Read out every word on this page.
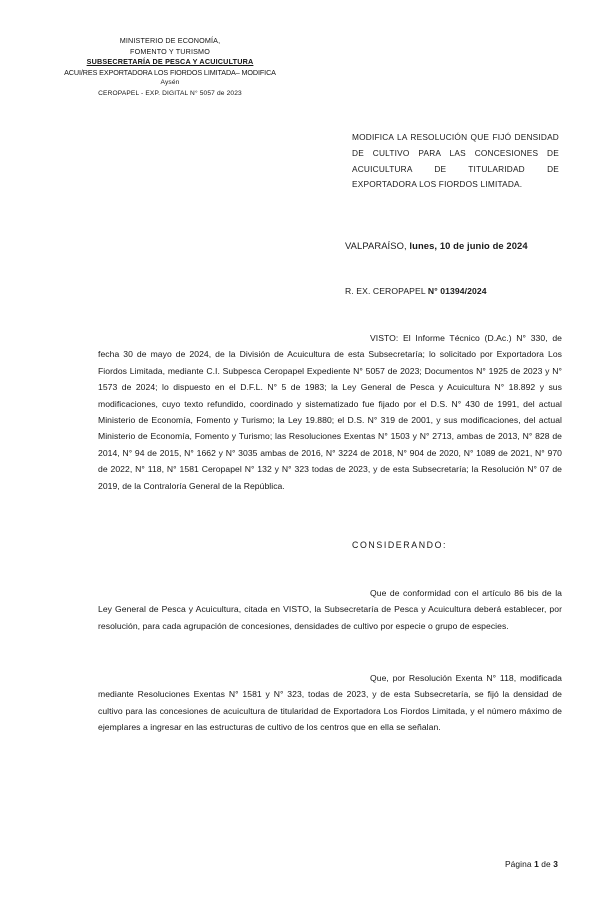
MINISTERIO DE ECONOMÍA,
FOMENTO Y TURISMO
SUBSECRETARÍA DE PESCA Y ACUICULTURA
ACUI/RES EXPORTADORA LOS FIORDOS LIMITADA– MODIFICA
Aysén
CEROPAPEL - EXP. DIGITAL N° 5057 de 2023
MODIFICA LA RESOLUCIÓN QUE FIJÓ DENSIDAD DE CULTIVO PARA LAS CONCESIONES DE ACUICULTURA DE TITULARIDAD DE EXPORTADORA LOS FIORDOS LIMITADA.
VALPARAÍSO, lunes, 10 de junio de 2024
R. EX. CEROPAPEL N° 01394/2024
VISTO: El Informe Técnico (D.Ac.) N° 330, de fecha 30 de mayo de 2024, de la División de Acuicultura de esta Subsecretaría; lo solicitado por Exportadora Los Fiordos Limitada, mediante C.I. Subpesca Ceropapel Expediente N° 5057 de 2023; Documentos N° 1925 de 2023 y N° 1573 de 2024; lo dispuesto en el D.F.L. N° 5 de 1983; la Ley General de Pesca y Acuicultura N° 18.892 y sus modificaciones, cuyo texto refundido, coordinado y sistematizado fue fijado por el D.S. N° 430 de 1991, del actual Ministerio de Economía, Fomento y Turismo; la Ley 19.880; el D.S. N° 319 de 2001, y sus modificaciones, del actual Ministerio de Economía, Fomento y Turismo; las Resoluciones Exentas N° 1503 y N° 2713, ambas de 2013, N° 828 de 2014, N° 94 de 2015, N° 1662 y N° 3035 ambas de 2016, N° 3224 de 2018, N° 904 de 2020, N° 1089 de 2021, N° 970 de 2022, N° 118, N° 1581 Ceropapel N° 132 y N° 323 todas de 2023, y de esta Subsecretaría; la Resolución N° 07 de 2019, de la Contraloría General de la República.
CONSIDERANDO:
Que de conformidad con el artículo 86 bis de la Ley General de Pesca y Acuicultura, citada en VISTO, la Subsecretaría de Pesca y Acuicultura deberá establecer, por resolución, para cada agrupación de concesiones, densidades de cultivo por especie o grupo de especies.
Que, por Resolución Exenta N° 118, modificada mediante Resoluciones Exentas N° 1581 y N° 323, todas de 2023, y de esta Subsecretaría, se fijó la densidad de cultivo para las concesiones de acuicultura de titularidad de Exportadora Los Fiordos Limitada, y el número máximo de ejemplares a ingresar en las estructuras de cultivo de los centros que en ella se señalan.
Página 1 de 3
